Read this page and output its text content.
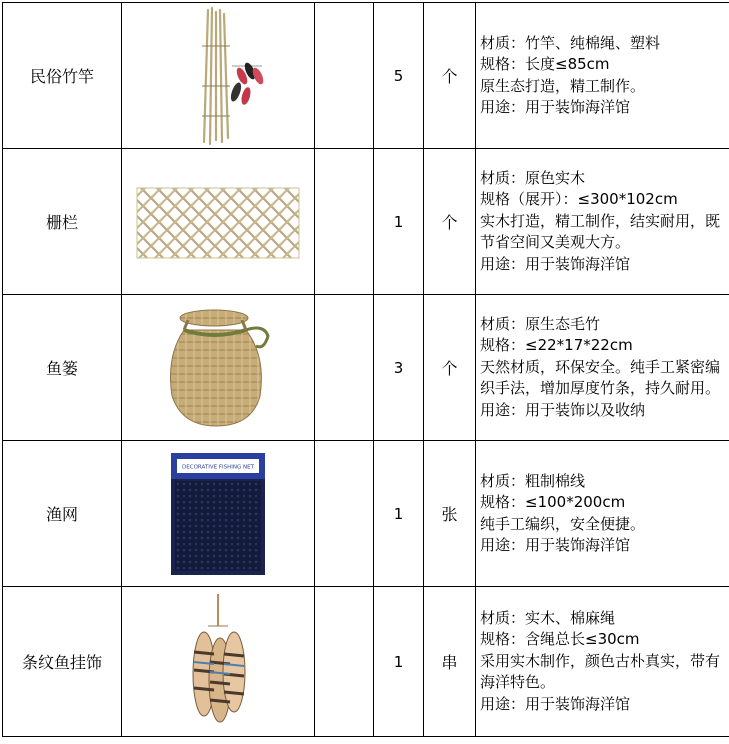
民俗竹竿			5	个	材质：竹竿、纯棉绳、塑料
规格：长度≤85cm
原生态打造，精工制作。
用途：用于装饰海洋馆

栅栏			1	个	材质：原色实木
规格（展开）：≤300*102cm
实木打造，精工制作，结实耐用，既
节省空间又美观大方。
用途：用于装饰海洋馆

鱼篓			3	个	材质：原生态毛竹
规格：≤22*17*22cm
天然材质，环保安全。纯手工紧密编
织手法，增加厚度竹条，持久耐用。
用途：用于装饰以及收纳

渔网	DECORATIVE FISHING NET		1	张	材质：粗制棉线
规格：≤100*200cm
纯手工编织，安全便捷。
用途：用于装饰海洋馆

条纹鱼挂饰			1	串	材质：实木、棉麻绳
规格：含绳总长≤30cm
采用实木制作，颜色古朴真实，带有
海洋特色。
用途：用于装饰海洋馆
